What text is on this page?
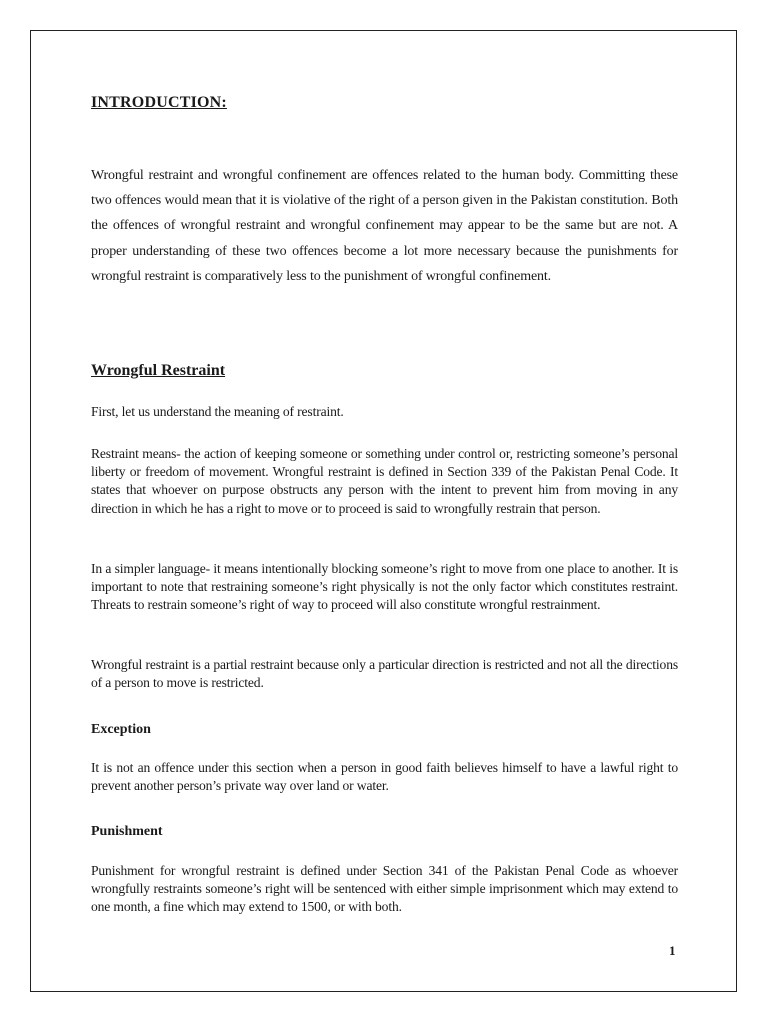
INTRODUCTION:

Wrongful restraint and wrongful confinement are offences related to the human body. Committing these two offences would mean that it is violative of the right of a person given in the Pakistan constitution. Both the offences of wrongful restraint and wrongful confinement may appear to be the same but are not. A proper understanding of these two offences become a lot more necessary because the punishments for wrongful restraint is comparatively less to the punishment of wrongful confinement.

Wrongful Restraint

First, let us understand the meaning of restraint.

Restraint means- the action of keeping someone or something under control or, restricting someone’s personal liberty or freedom of movement. Wrongful restraint is defined in Section 339 of the Pakistan Penal Code. It states that whoever on purpose obstructs any person with the intent to prevent him from moving in any direction in which he has a right to move or to proceed is said to wrongfully restrain that person.

In a simpler language- it means intentionally blocking someone’s right to move from one place to another. It is important to note that restraining someone’s right physically is not the only factor which constitutes restraint. Threats to restrain someone’s right of way to proceed will also constitute wrongful restrainment.

Wrongful restraint is a partial restraint because only a particular direction is restricted and not all the directions of a person to move is restricted.

Exception

It is not an offence under this section when a person in good faith believes himself to have a lawful right to prevent another person’s private way over land or water.

Punishment

Punishment for wrongful restraint is defined under Section 341 of the Pakistan Penal Code as whoever wrongfully restraints someone’s right will be sentenced with either simple imprisonment which may extend to one month, a fine which may extend to 1500, or with both.

1
